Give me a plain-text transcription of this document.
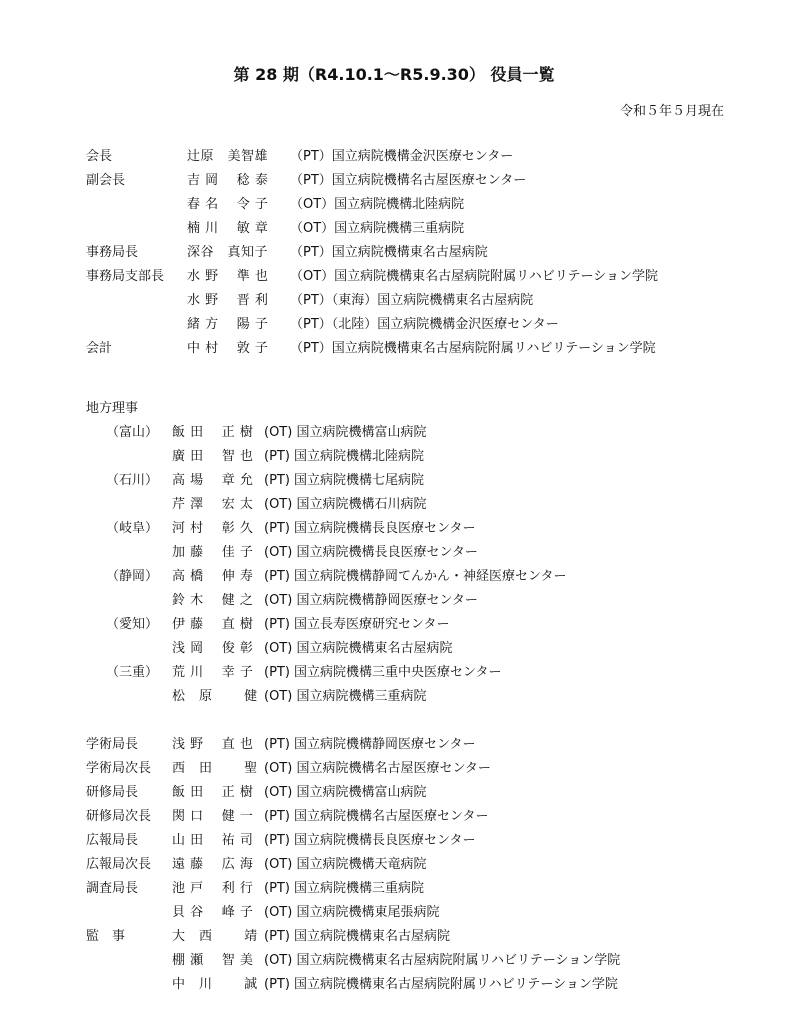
第 28 期（R4.10.1～R5.9.30） 役員一覧
令和５年５月現在
会長	辻原　美智雄 （PT）国立病院機構金沢医療センター
副会長	吉 岡　 稔 泰 （PT）国立病院機構名古屋医療センター
春 名　 令 子 （OT）国立病院機構北陸病院
楠 川　 敏 章 （OT）国立病院機構三重病院
事務局長	深谷　真知子 （PT）国立病院機構東名古屋病院
事務局支部長 水 野　 準 也 （OT）国立病院機構東名古屋病院附属リハビリテーション学院
水 野　 晋 利 （PT）（東海）国立病院機構東名古屋病院
緒 方　 陽 子 （PT）（北陸）国立病院機構金沢医療センター
会計	中 村　 敦 子 （PT）国立病院機構東名古屋病院附属リハビリテーション学院
地方理事
（富山） 飯 田　 正 樹 (OT) 国立病院機構富山病院
廣 田　 智 也 (PT) 国立病院機構北陸病院
（石川） 高 場　 章 允 (PT) 国立病院機構七尾病院
芹 澤　 宏 太 (OT) 国立病院機構石川病院
（岐阜） 河 村　 彰 久 (PT) 国立病院機構長良医療センター
加 藤　 佳 子 (OT) 国立病院機構長良医療センター
（静岡） 高 橋　 伸 寿 (PT) 国立病院機構静岡てんかん・神経医療センター
鈴 木　 健 之 (OT) 国立病院機構静岡医療センター
（愛知） 伊 藤　 直 樹 (PT) 国立長寿医療研究センター
浅 岡　 俊 彰 (OT) 国立病院機構東名古屋病院
（三重） 荒 川　 幸 子 (PT) 国立病院機構三重中央医療センター
松　原　　 健 (OT) 国立病院機構三重病院
学術局長	浅 野　 直 也 (PT) 国立病院機構静岡医療センター
学術局次長 西　田　　 聖 (OT) 国立病院機構名古屋医療センター
研修局長	飯 田　 正 樹 (OT) 国立病院機構富山病院
研修局次長 関 口　 健 一 (PT) 国立病院機構名古屋医療センター
広報局長	山 田　 祐 司 (PT) 国立病院機構長良医療センター
広報局次長 遠 藤　 広 海 (OT) 国立病院機構天竜病院
調査局長	池 戸　 利 行 (PT) 国立病院機構三重病院
貝 谷　 峰 子 (OT) 国立病院機構東尾張病院
監　事	大　西　　 靖 (PT) 国立病院機構東名古屋病院
棚 瀬　 智 美 (OT) 国立病院機構東名古屋病院附属リハビリテーション学院
中　川　　 誠 (PT) 国立病院機構東名古屋病院附属リハビリテーション学院
